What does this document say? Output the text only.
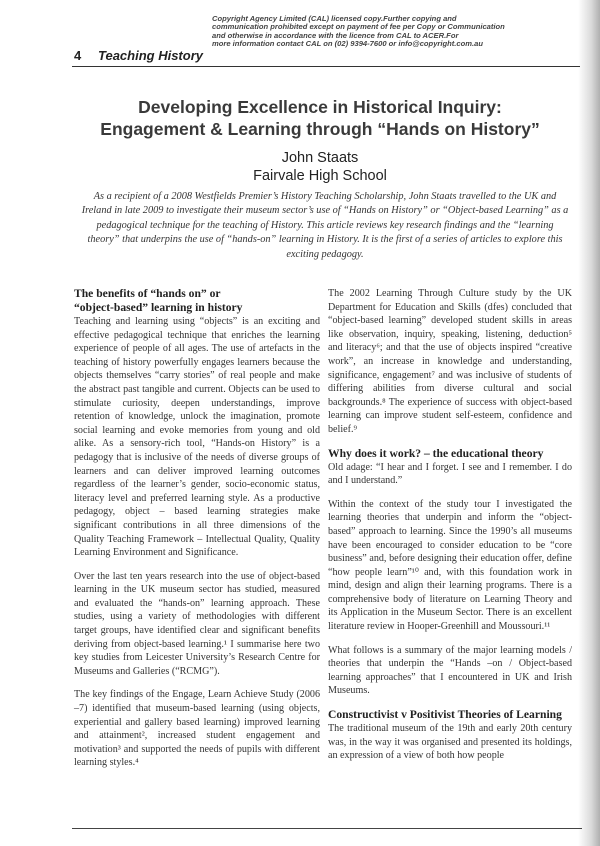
Copyright Agency Limited (CAL) licensed copy.Further copying and
communication prohibited except on payment of fee per Copy or Communication
and otherwise in accordance with the licence from CAL to ACER.For
more information contact CAL on (02) 9394-7600 or info@copyright.com.au
4 Teaching History
Developing Excellence in Historical Inquiry:
Engagement & Learning through “Hands on History”
John Staats
Fairvale High School
As a recipient of a 2008 Westfields Premier’s History Teaching Scholarship, John Staats travelled to the UK and Ireland in late 2009 to investigate their museum sector’s use of “Hands on History” or “Object-based Learning” as a pedagogical technique for the teaching of History. This article reviews key research findings and the “learning theory” that underpins the use of “hands-on” learning in History. It is the first of a series of articles to explore this exciting pedagogy.
The benefits of “hands on” or
“object-based” learning in history

Teaching and learning using “objects” is an exciting and effective pedagogical technique that enriches the learning experience of people of all ages. The use of artefacts in the teaching of history powerfully engages learners because the objects themselves “carry stories” of real people and make the abstract past tangible and current. Objects can be used to stimulate curiosity, deepen understandings, improve retention of knowledge, unlock the imagination, promote social learning and evoke memories from young and old alike. As a sensory-rich tool, “Hands-on History” is a pedagogy that is inclusive of the needs of diverse groups of learners and can deliver improved learning outcomes regardless of the learner’s gender, socio-economic status, literacy level and preferred learning style. As a productive pedagogy, object – based learning strategies make significant contributions in all three dimensions of the Quality Teaching Framework – Intellectual Quality, Quality Learning Environment and Significance.

Over the last ten years research into the use of object-based learning in the UK museum sector has studied, measured and evaluated the “hands-on” learning approach. These studies, using a variety of methodologies with different target groups, have identified clear and significant benefits deriving from object-based learning.¹ I summarise here two key studies from Leicester University’s Research Centre for Museums and Galleries (“RCMG”).

The key findings of the Engage, Learn Achieve Study (2006 –7) identified that museum-based learning (using objects, experiential and gallery based learning) improved learning and attainment², increased student engagement and motivation³ and supported the needs of pupils with different learning styles.⁴

The 2002 Learning Through Culture study by the UK Department for Education and Skills (dfes) concluded that “object-based learning” developed student skills in areas like observation, inquiry, speaking, listening, deduction⁵ and literacy⁶; and that the use of objects inspired “creative work”, an increase in knowledge and understanding, significance, engagement⁷ and was inclusive of students of differing abilities from diverse cultural and social backgrounds.⁸ The experience of success with object-based learning can improve student self-esteem, confidence and belief.⁹

Why does it work? – the educational theory

Old adage: “I hear and I forget. I see and I remember. I do and I understand.”

Within the context of the study tour I investigated the learning theories that underpin and inform the “object-based” approach to learning. Since the 1990’s all museums have been encouraged to consider education to be “core business” and, before designing their education offer, define “how people learn”¹⁰ and, with this foundation work in mind, design and align their learning programs. There is a comprehensive body of literature on Learning Theory and its Application in the Museum Sector. There is an excellent literature review in Hooper-Greenhill and Moussouri.¹¹

What follows is a summary of the major learning models / theories that underpin the “Hands –on / Object-based learning approaches” that I encountered in UK and Irish Museums.

Constructivist v Positivist Theories of Learning

The traditional museum of the 19th and early 20th century was, in the way it was organised and presented its holdings, an expression of a view of both how people
